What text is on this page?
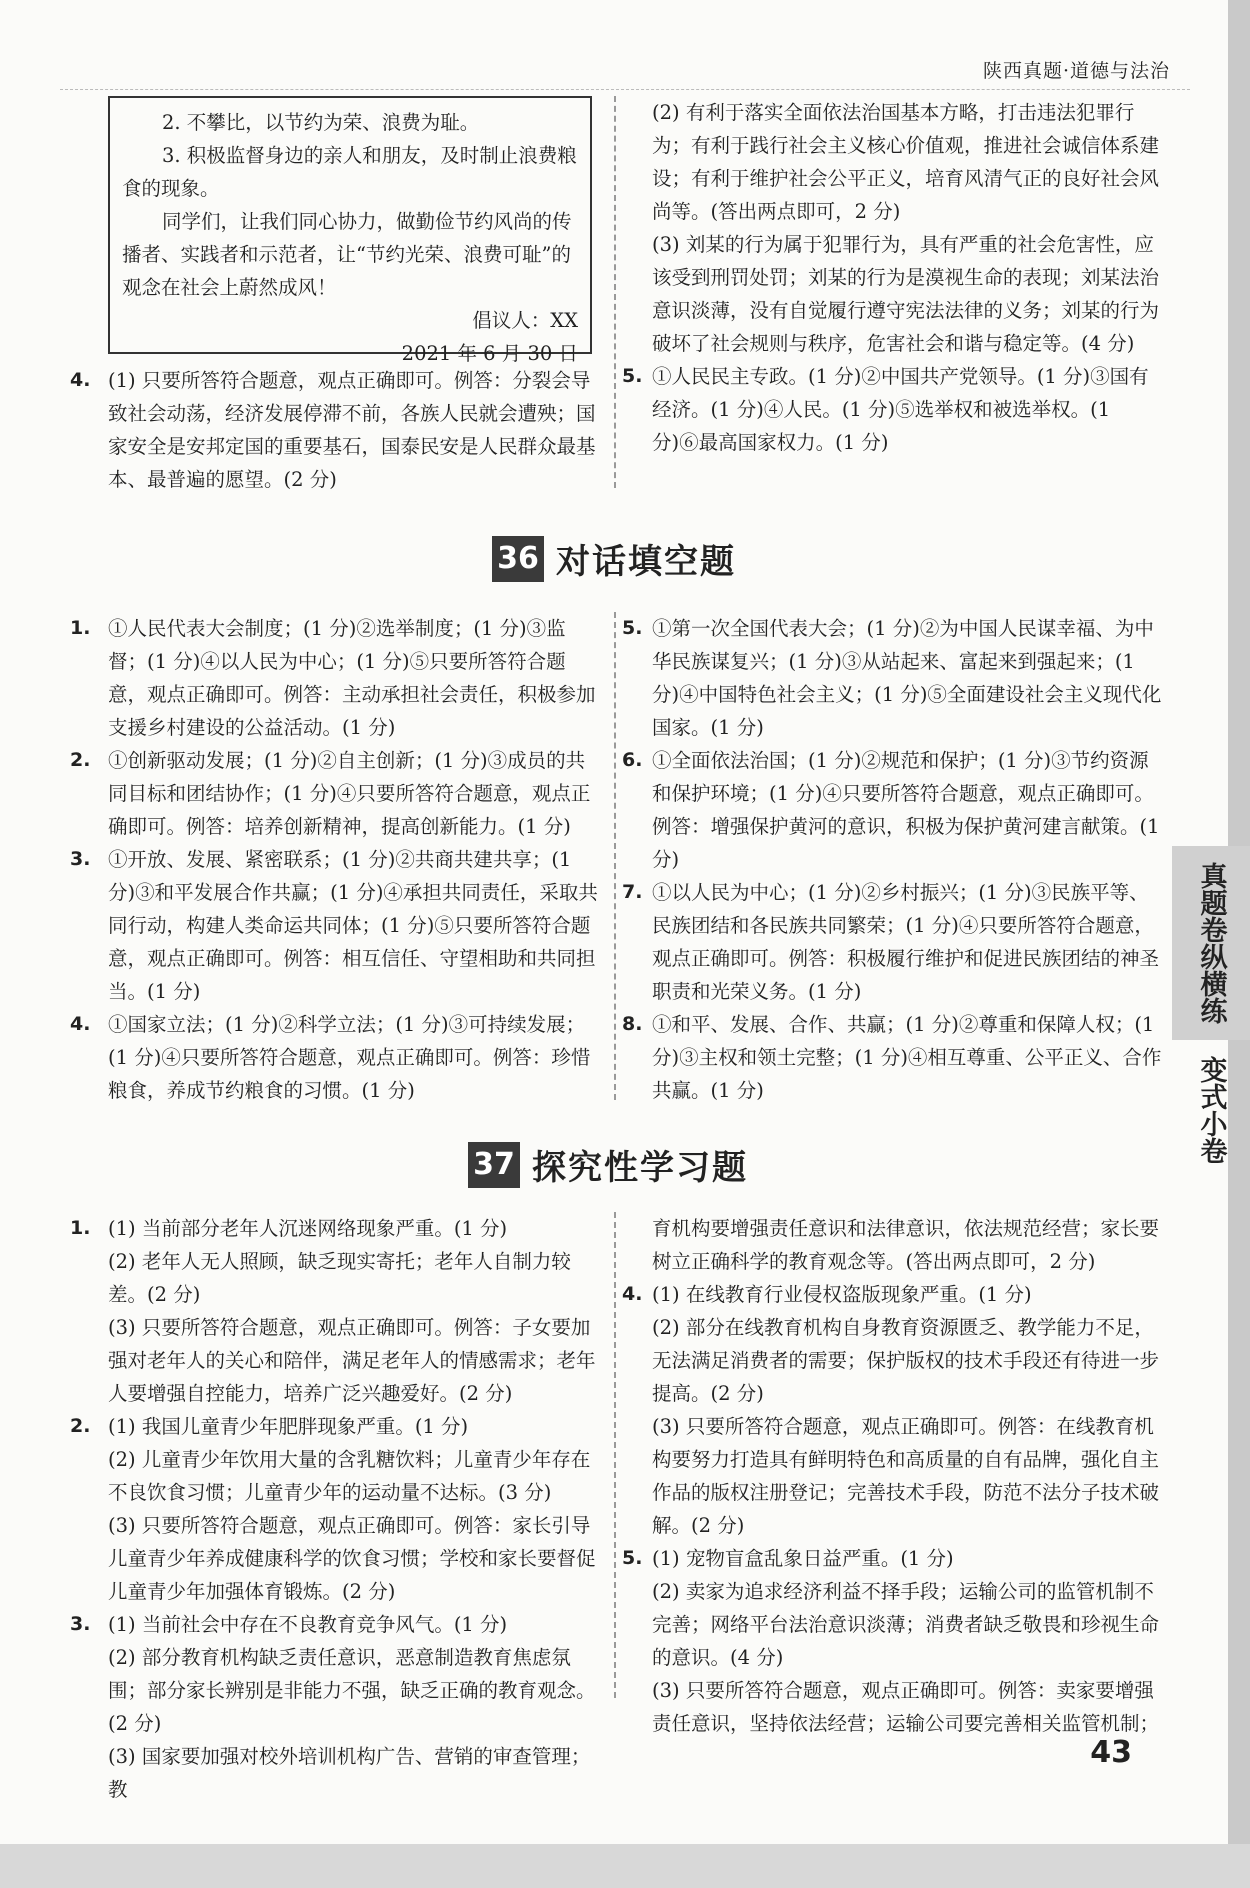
陕西真题·道德与法治

2. 不攀比，以节约为荣、浪费为耻。

3. 积极监督身边的亲人和朋友，及时制止浪费粮食的现象。

同学们，让我们同心协力，做勤俭节约风尚的传播者、实践者和示范者，让“节约光荣、浪费可耻”的观念在社会上蔚然成风！

倡议人：XX

2021 年 6 月 30 日

4. (1) 只要所答符合题意，观点正确即可。例答：分裂会导致社会动荡，经济发展停滞不前，各族人民就会遭殃；国家安全是安邦定国的重要基石，国泰民安是人民群众最基本、最普遍的愿望。(2 分)

(2) 有利于落实全面依法治国基本方略，打击违法犯罪行为；有利于践行社会主义核心价值观，推进社会诚信体系建设；有利于维护社会公平正义，培育风清气正的良好社会风尚等。(答出两点即可，2 分)

(3) 刘某的行为属于犯罪行为，具有严重的社会危害性，应该受到刑罚处罚；刘某的行为是漠视生命的表现；刘某法治意识淡薄，没有自觉履行遵守宪法法律的义务；刘某的行为破坏了社会规则与秩序，危害社会和谐与稳定等。(4 分)

5. ①人民民主专政。(1 分)②中国共产党领导。(1 分)③国有经济。(1 分)④人民。(1 分)⑤选举权和被选举权。(1 分)⑥最高国家权力。(1 分)

36 对话填空题
1. ①人民代表大会制度；(1 分)②选举制度；(1 分)③监督；(1 分)④以人民为中心；(1 分)⑤只要所答符合题意，观点正确即可。例答：主动承担社会责任，积极参加支援乡村建设的公益活动。(1 分)

2. ①创新驱动发展；(1 分)②自主创新；(1 分)③成员的共同目标和团结协作；(1 分)④只要所答符合题意，观点正确即可。例答：培养创新精神，提高创新能力。(1 分)

3. ①开放、发展、紧密联系；(1 分)②共商共建共享；(1 分)③和平发展合作共赢；(1 分)④承担共同责任，采取共同行动，构建人类命运共同体；(1 分)⑤只要所答符合题意，观点正确即可。例答：相互信任、守望相助和共同担当。(1 分)

4. ①国家立法；(1 分)②科学立法；(1 分)③可持续发展；(1 分)④只要所答符合题意，观点正确即可。例答：珍惜粮食，养成节约粮食的习惯。(1 分)

5. ①第一次全国代表大会；(1 分)②为中国人民谋幸福、为中华民族谋复兴；(1 分)③从站起来、富起来到强起来；(1 分)④中国特色社会主义；(1 分)⑤全面建设社会主义现代化国家。(1 分)

6. ①全面依法治国；(1 分)②规范和保护；(1 分)③节约资源和保护环境；(1 分)④只要所答符合题意，观点正确即可。例答：增强保护黄河的意识，积极为保护黄河建言献策。(1 分)

7. ①以人民为中心；(1 分)②乡村振兴；(1 分)③民族平等、民族团结和各民族共同繁荣；(1 分)④只要所答符合题意，观点正确即可。例答：积极履行维护和促进民族团结的神圣职责和光荣义务。(1 分)

8. ①和平、发展、合作、共赢；(1 分)②尊重和保障人权；(1 分)③主权和领土完整；(1 分)④相互尊重、公平正义、合作共赢。(1 分)

真题卷纵横练
变式小卷
37 探究性学习题
1. (1) 当前部分老年人沉迷网络现象严重。(1 分)

(2) 老年人无人照顾，缺乏现实寄托；老年人自制力较差。(2 分)

(3) 只要所答符合题意，观点正确即可。例答：子女要加强对老年人的关心和陪伴，满足老年人的情感需求；老年人要增强自控能力，培养广泛兴趣爱好。(2 分)

2. (1) 我国儿童青少年肥胖现象严重。(1 分)

(2) 儿童青少年饮用大量的含乳糖饮料；儿童青少年存在不良饮食习惯；儿童青少年的运动量不达标。(3 分)

(3) 只要所答符合题意，观点正确即可。例答：家长引导儿童青少年养成健康科学的饮食习惯；学校和家长要督促儿童青少年加强体育锻炼。(2 分)

3. (1) 当前社会中存在不良教育竞争风气。(1 分)

(2) 部分教育机构缺乏责任意识，恶意制造教育焦虑氛围；部分家长辨别是非能力不强，缺乏正确的教育观念。(2 分)

(3) 国家要加强对校外培训机构广告、营销的审查管理；教

育机构要增强责任意识和法律意识，依法规范经营；家长要树立正确科学的教育观念等。(答出两点即可，2 分)

4. (1) 在线教育行业侵权盗版现象严重。(1 分)

(2) 部分在线教育机构自身教育资源匮乏、教学能力不足，无法满足消费者的需要；保护版权的技术手段还有待进一步提高。(2 分)

(3) 只要所答符合题意，观点正确即可。例答：在线教育机构要努力打造具有鲜明特色和高质量的自有品牌，强化自主作品的版权注册登记；完善技术手段，防范不法分子技术破解。(2 分)

5. (1) 宠物盲盒乱象日益严重。(1 分)

(2) 卖家为追求经济利益不择手段；运输公司的监管机制不完善；网络平台法治意识淡薄；消费者缺乏敬畏和珍视生命的意识。(4 分)

(3) 只要所答符合题意，观点正确即可。例答：卖家要增强责任意识，坚持依法经营；运输公司要完善相关监管机制；

43
